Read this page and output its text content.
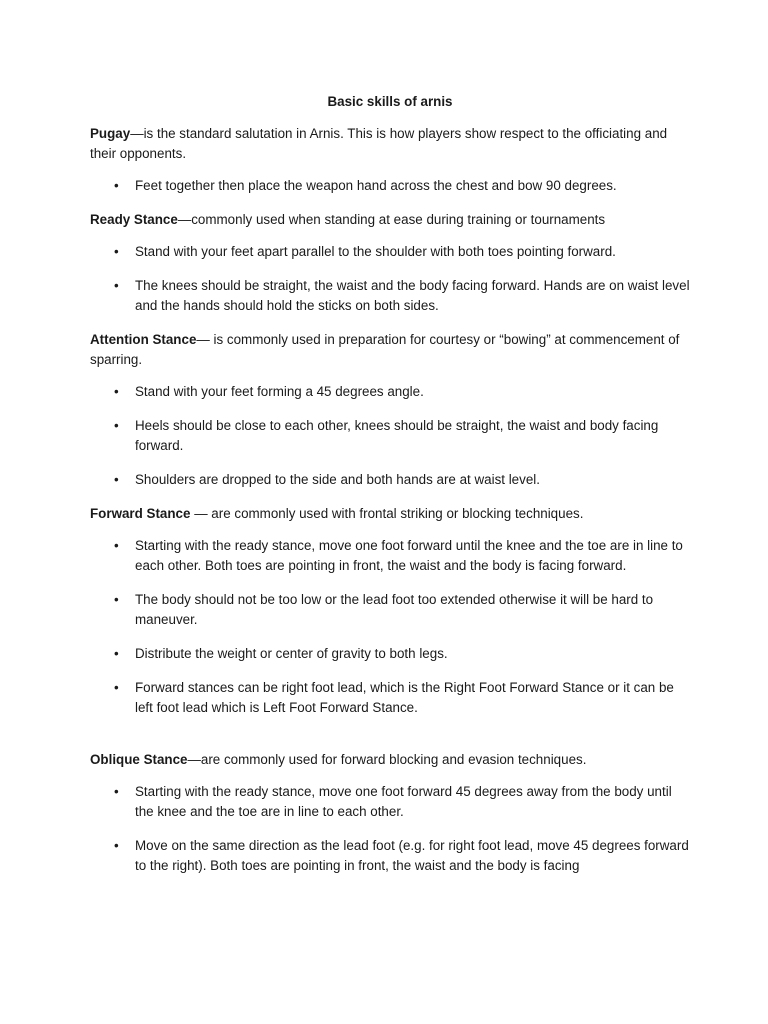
Basic skills of arnis

Pugay—is the standard salutation in Arnis. This is how players show respect to the officiating and their opponents.

• Feet together then place the weapon hand across the chest and bow 90 degrees.

Ready Stance—commonly used when standing at ease during training or tournaments

• Stand with your feet apart parallel to the shoulder with both toes pointing forward.
• The knees should be straight, the waist and the body facing forward. Hands are on waist level and the hands should hold the sticks on both sides.

Attention Stance— is commonly used in preparation for courtesy or “bowing” at commencement of sparring.

• Stand with your feet forming a 45 degrees angle.
• Heels should be close to each other, knees should be straight, the waist and body facing forward.
• Shoulders are dropped to the side and both hands are at waist level.

Forward Stance — are commonly used with frontal striking or blocking techniques.

• Starting with the ready stance, move one foot forward until the knee and the toe are in line to each other. Both toes are pointing in front, the waist and the body is facing forward.
• The body should not be too low or the lead foot too extended otherwise it will be hard to maneuver.
• Distribute the weight or center of gravity to both legs.
• Forward stances can be right foot lead, which is the Right Foot Forward Stance or it can be left foot lead which is Left Foot Forward Stance.

Oblique Stance—are commonly used for forward blocking and evasion techniques.

• Starting with the ready stance, move one foot forward 45 degrees away from the body until the knee and the toe are in line to each other.
• Move on the same direction as the lead foot (e.g. for right foot lead, move 45 degrees forward to the right). Both toes are pointing in front, the waist and the body is facing
